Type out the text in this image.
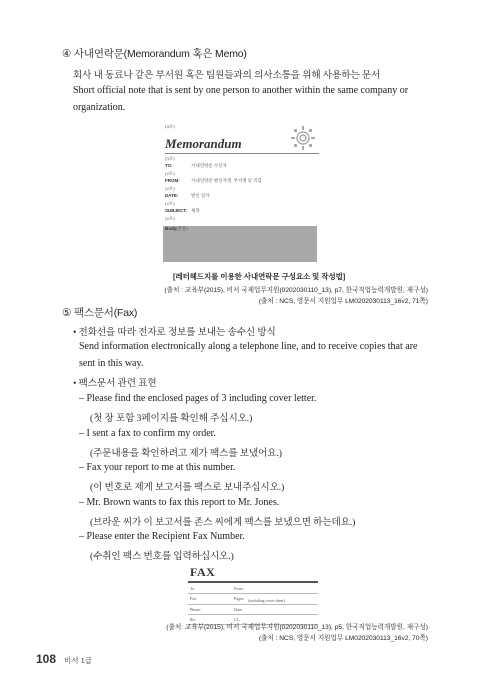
④ 사내연락문(Memorandum 혹은 Memo)
회사 내 동료나 같은 부서원 혹은 팀원들과의 의사소통을 위해 사용하는 문서
Short official note that is sent by one person to another within the same company or
organization.
(4포)
Memorandum
(3포)
TO:	사내연락문 수신자
(2포)
FROM:	사내연락문 발신자명, 부서명 및 직함
(2포)
DATE:	발신 일자
(2포)
SUBJECT: 제목
(2포)
Body (본문)
[레터헤드지를 이용한 사내연락문 구성요소 및 작성법]
(출처 : 교육부(2015), 비서 국제업무지원(0202030110_13), p7, 한국직업능력개발원, 재구성)
(출처 : NCS, 영문서 지원업무 LM0202030113_16v2, 71쪽)
⑤ 팩스문서(Fax)
• 전화선을 따라 전자로 정보를 보내는 송수신 방식
Send information electronically along a telephone line, and to receive copies that are
sent in this way.
• 팩스문서 관련 표현
– Please find the enclosed pages of 3 including cover letter.
(첫 장 포함 3페이지를 확인해 주십시오.)
– I sent a fax to confirm my order.
(주문내용을 확인하려고 제가 팩스를 보냈어요.)
– Fax your report to me at this number.
(이 번호로 제게 보고서를 팩스로 보내주십시오.)
– Mr. Brown wants to fax this report to Mr. Jones.
(브라운 씨가 이 보고서를 존스 씨에게 팩스를 보냈으면 하는데요.)
– Please enter the Recipient Fax Number.
(수취인 팩스 번호를 입력하십시오.)
FAX
To:	From:
Fax:	Pages: (including cover sheet)
Phone:	Date:
Re:	CC:
(출처: 교육부(2015), 비서 국제업무지원(0202030110_13), p5, 한국직업능력개발원, 재구성)
(출처 : NCS, 영문서 지원업무 LM0202030113_16v2, 70쪽)
108 비서 1급
